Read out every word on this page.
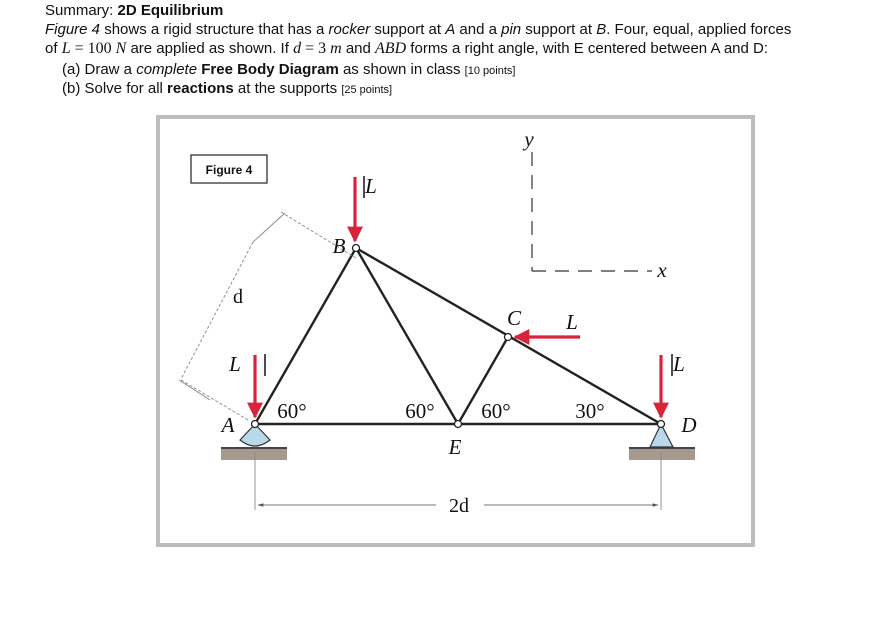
Summary: 2D Equilibrium
Figure 4 shows a rigid structure that has a rocker support at A and a pin support at B. Four, equal, applied forces
of L = 100 N are applied as shown. If d = 3 m and ABD forms a right angle, with E centered between A and D:
(a) Draw a complete Free Body Diagram as shown in class [10 points]
(b) Solve for all reactions at the supports [25 points]
Figure 4
y
x
d
2d
L
L
L
L
A
B
C
D
E
60°	60° 60°	30°
